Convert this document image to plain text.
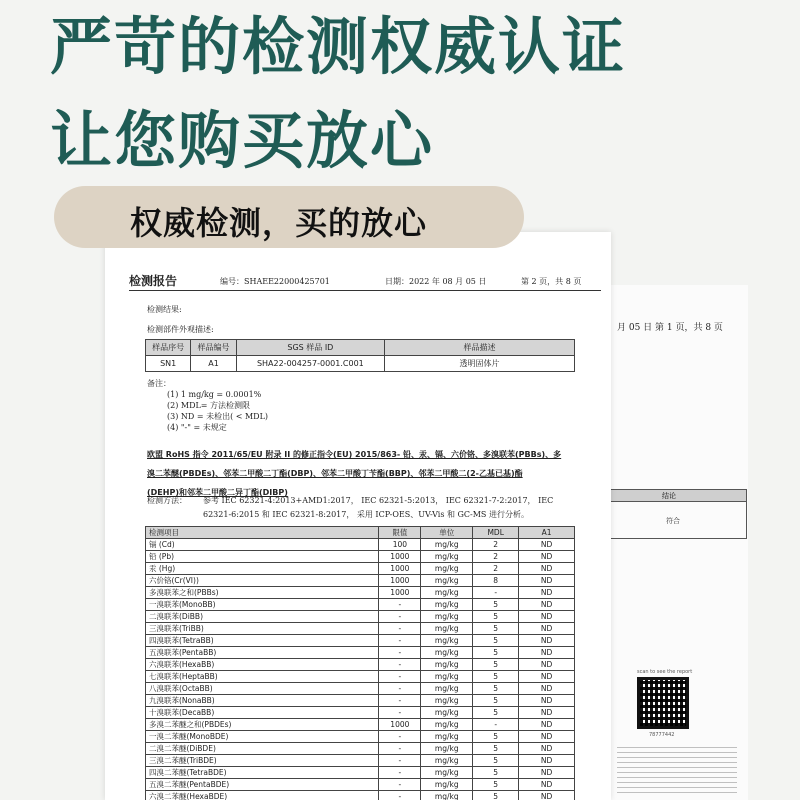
严苛的检测权威认证
让您购买放心
权威检测，买的放心
月 05 日 第 1 页，共 8 页
结论
符合
scan to see the report
78777442
检测报告	编号：SHAEE22000425701	日期：2022 年 08 月 05 日	第 2 页，共 8 页
检测结果:
检测部件外观描述:
样品序号	样品编号	SGS 样品 ID	样品描述
SN1	A1	SHA22-004257-0001.C001	透明固体片
备注：
(1) 1 mg/kg = 0.0001%
(2) MDL= 方法检测限
(3) ND = 未检出( < MDL)
(4) "-" = 未规定
欧盟 RoHS 指令 2011/65/EU 附录 II 的修正指令(EU) 2015/863- 铅、汞、镉、六价铬、多溴联苯(PBBs)、多
溴二苯醚(PBDEs)、邻苯二甲酸二丁酯(DBP)、邻苯二甲酸丁苄酯(BBP)、邻苯二甲酸二(2-乙基已基)酯
(DEHP)和邻苯二甲酸二异丁酯(DIBP)
检测方法： 参考 IEC 62321-4:2013+AMD1:2017， IEC 62321-5:2013， IEC 62321-7-2:2017， IEC
62321-6:2015 和 IEC 62321-8:2017， 采用 ICP-OES、UV-Vis 和 GC-MS 进行分析。
检测项目	限值	单位	MDL	A1
镉 (Cd)	100	mg/kg	2	ND
铅 (Pb)	1000	mg/kg	2	ND
汞 (Hg)	1000	mg/kg	2	ND
六价铬(Cr(VI))	1000	mg/kg	8	ND
多溴联苯之和(PBBs)	1000	mg/kg	-	ND
一溴联苯(MonoBB)	-	mg/kg	5	ND
二溴联苯(DiBB)	-	mg/kg	5	ND
三溴联苯(TriBB)	-	mg/kg	5	ND
四溴联苯(TetraBB)	-	mg/kg	5	ND
五溴联苯(PentaBB)	-	mg/kg	5	ND
六溴联苯(HexaBB)	-	mg/kg	5	ND
七溴联苯(HeptaBB)	-	mg/kg	5	ND
八溴联苯(OctaBB)	-	mg/kg	5	ND
九溴联苯(NonaBB)	-	mg/kg	5	ND
十溴联苯(DecaBB)	-	mg/kg	5	ND
多溴二苯醚之和(PBDEs)	1000	mg/kg	-	ND
一溴二苯醚(MonoBDE)	-	mg/kg	5	ND
二溴二苯醚(DiBDE)	-	mg/kg	5	ND
三溴二苯醚(TriBDE)	-	mg/kg	5	ND
四溴二苯醚(TetraBDE)	-	mg/kg	5	ND
五溴二苯醚(PentaBDE)	-	mg/kg	5	ND
六溴二苯醚(HexaBDE)	-	mg/kg	5	ND
